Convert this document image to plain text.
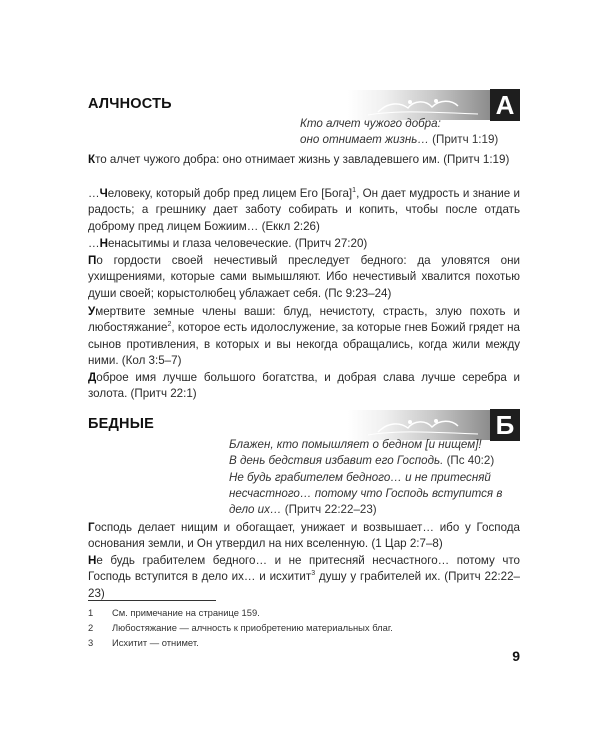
АЛЧНОСТЬ	А
Кто алчет чужого добра:
оно отнимает жизнь… (Притч 1:19)

Кто алчет чужого добра: оно отнимает жизнь у завладевшего им. (Притч 1:19)

…Человеку, который добр пред лицем Его [Бога]$^1$, Он дает мудрость и знание и радость; а грешнику дает заботу собирать и копить, чтобы после отдать доброму пред лицем Божиим… (Еккл 2:26)

…Ненасытимы и глаза человеческие. (Притч 27:20)

По гордости своей нечестивый преследует бедного: да уловятся они ухищрениями, которые сами вымышляют. Ибо нечестивый хвалится похотью души своей; корыстолюбец ублажает себя. (Пс 9:23–24)

Умертвите земные члены ваши: блуд, нечистоту, страсть, злую похоть и любостяжание$^2$, которое есть идолослужение, за которые гнев Божий грядет на сынов противления, в которых и вы некогда обращались, когда жили между ними. (Кол 3:5–7)

Доброе имя лучше большого богатства, и добрая слава лучше серебра и золота. (Притч 22:1)

БЕДНЫЕ	Б
Блажен, кто помышляет о бедном [и нищем]!
В день бедствия избавит его Господь. (Пс 40:2)
Не будь грабителем бедного… и не притесняй
несчастного… потому что Господь вступится в
дело их… (Притч 22:22–23)

Господь делает нищим и обогащает, унижает и возвышает… ибо у Господа основания земли, и Он утвердил на них вселенную. (1 Цар 2:7–8)

Не будь грабителем бедного… и не притесняй несчастного… потому что Господь вступится в дело их… и исхитит$^3$ душу у грабителей их. (Притч 22:22–23)

1 См. примечание на странице 159.
2 Любостяжание — алчность к приобретению материальных благ.
3 Исхитит — отнимет.
9
